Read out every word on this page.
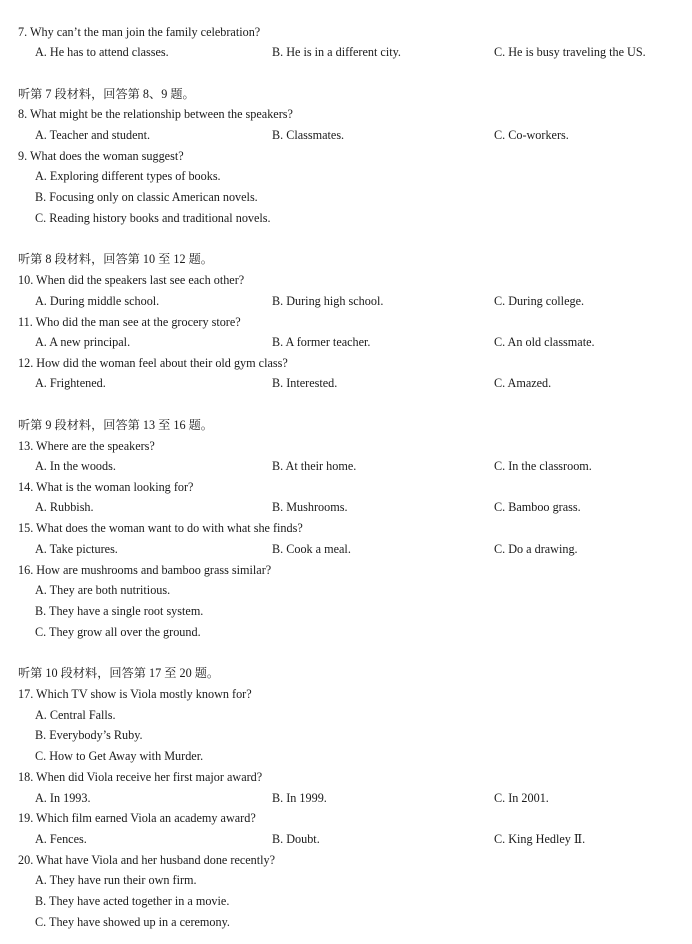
7. Why can’t the man join the family celebration?
A. He has to attend classes.	B. He is in a different city.	C. He is busy traveling the US.
听第 7 段材料，回答第 8、9 题。
8. What might be the relationship between the speakers?
A. Teacher and student.	B. Classmates.	C. Co-workers.
9. What does the woman suggest?
A. Exploring different types of books.
B. Focusing only on classic American novels.
C. Reading history books and traditional novels.
听第 8 段材料，回答第 10 至 12 题。
10. When did the speakers last see each other?
A. During middle school.	B. During high school.	C. During college.
11. Who did the man see at the grocery store?
A. A new principal.	B. A former teacher.	C. An old classmate.
12. How did the woman feel about their old gym class?
A. Frightened.	B. Interested.	C. Amazed.
听第 9 段材料，回答第 13 至 16 题。
13. Where are the speakers?
A. In the woods.	B. At their home.	C. In the classroom.
14. What is the woman looking for?
A. Rubbish.	B. Mushrooms.	C. Bamboo grass.
15. What does the woman want to do with what she finds?
A. Take pictures.	B. Cook a meal.	C. Do a drawing.
16. How are mushrooms and bamboo grass similar?
A. They are both nutritious.
B. They have a single root system.
C. They grow all over the ground.
听第 10 段材料，回答第 17 至 20 题。
17. Which TV show is Viola mostly known for?
A. Central Falls.
B. Everybody’s Ruby.
C. How to Get Away with Murder.
18. When did Viola receive her first major award?
A. In 1993.	B. In 1999.	C. In 2001.
19. Which film earned Viola an academy award?
A. Fences.	B. Doubt.	C. King Hedley Ⅱ.
20. What have Viola and her husband done recently?
A. They have run their own firm.
B. They have acted together in a movie.
C. They have showed up in a ceremony.
